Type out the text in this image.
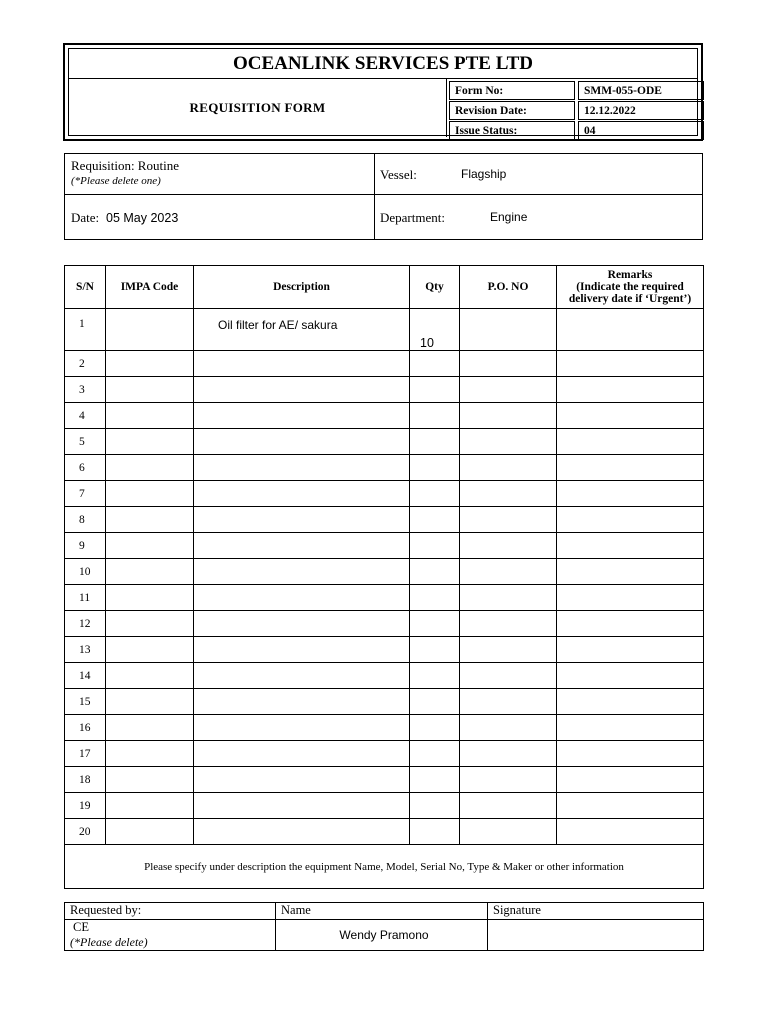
OCEANLINK SERVICES PTE LTD
REQUISITION FORM
Form No:	SMM-055-ODE
Revision Date:	12.12.2022
Issue Status:	04
Requisition: Routine
(*Please delete one)	Vessel:	Flagship
Date: 05 May 2023	Department:	Engine
S/N	IMPA Code	Description	Qty	P.O. NO	Remarks
(Indicate the required delivery date if ‘Urgent’)

1		Oil filter for AE/ sakura	10		
2					
3					
4					
5					
6					
7					
8					
9					
10					
11					
12					
13					
14					
15					
16					
17					
18					
19					
20					
Please specify under description the equipment Name, Model, Serial No, Type & Maker or other information					
Requested by:	Name	Signature

CE
(*Please delete)	Wendy Pramono	
